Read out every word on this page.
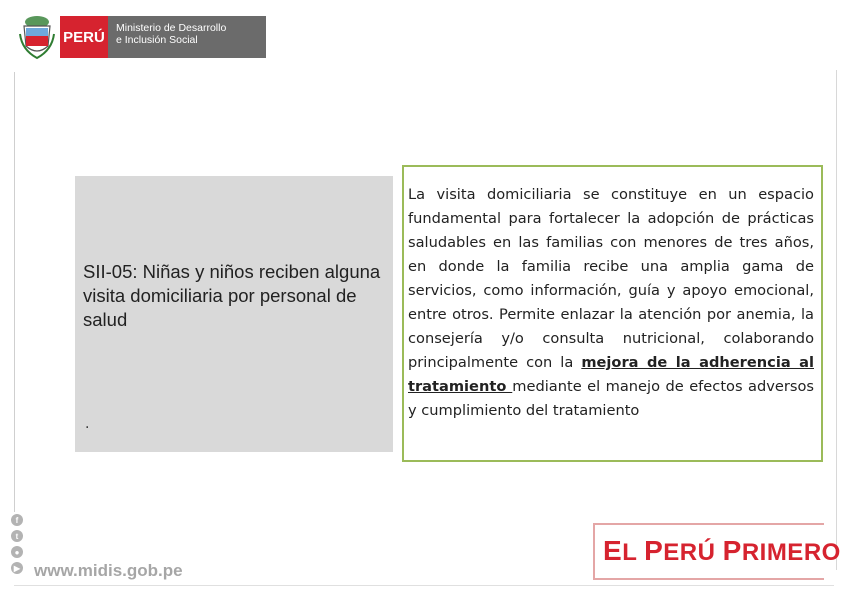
PERÚ
Ministerio de Desarrollo
e Inclusión Social
SII-05: Niñas y niños reciben alguna visita domiciliaria por personal de salud
.

La visita domiciliaria se constituye en un espacio fundamental para fortalecer la adopción de prácticas saludables en las familias con menores de tres años, en donde la familia recibe una amplia gama de servicios, como información, guía y apoyo emocional, entre otros. Permite enlazar la atención por anemia, la consejería y/o consulta nutricional, colaborando principalmente con la mejora de la adherencia al tratamiento mediante el manejo de efectos adversos y cumplimiento del tratamiento

f
t
●
▶ www.midis.gob.pe
EL PERÚ PRIMERO
